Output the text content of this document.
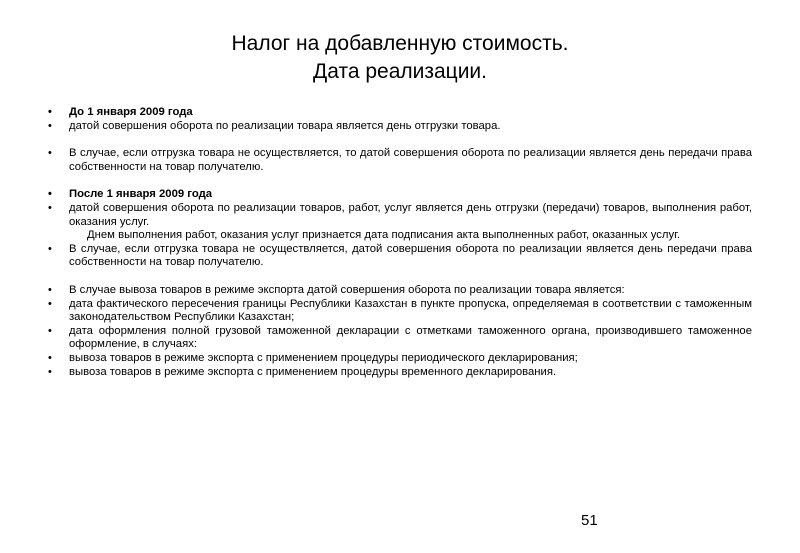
Налог на добавленную стоимость.
Дата реализации.
• До 1 января 2009 года
• датой совершения оборота по реализации товара является день отгрузки товара.
• В случае, если отгрузка товара не осуществляется, то датой совершения оборота по реализации является день передачи права собственности на товар получателю.
• После 1 января 2009 года
• датой совершения оборота по реализации товаров, работ, услуг является день отгрузки (передачи) товаров, выполнения работ, оказания услуг.
Днем выполнения работ, оказания услуг признается дата подписания акта выполненных работ, оказанных услуг.
• В случае, если отгрузка товара не осуществляется, датой совершения оборота по реализации является день передачи права собственности на товар получателю.
• В случае вывоза товаров в режиме экспорта датой совершения оборота по реализации товара является:
• дата фактического пересечения границы Республики Казахстан в пункте пропуска, определяемая в соответствии с таможенным законодательством Республики Казахстан;
• дата оформления полной грузовой таможенной декларации с отметками таможенного органа, производившего таможенное оформление, в случаях:
• вывоза товаров в режиме экспорта с применением процедуры периодического декларирования;
• вывоза товаров в режиме экспорта с применением процедуры временного декларирования.
51
